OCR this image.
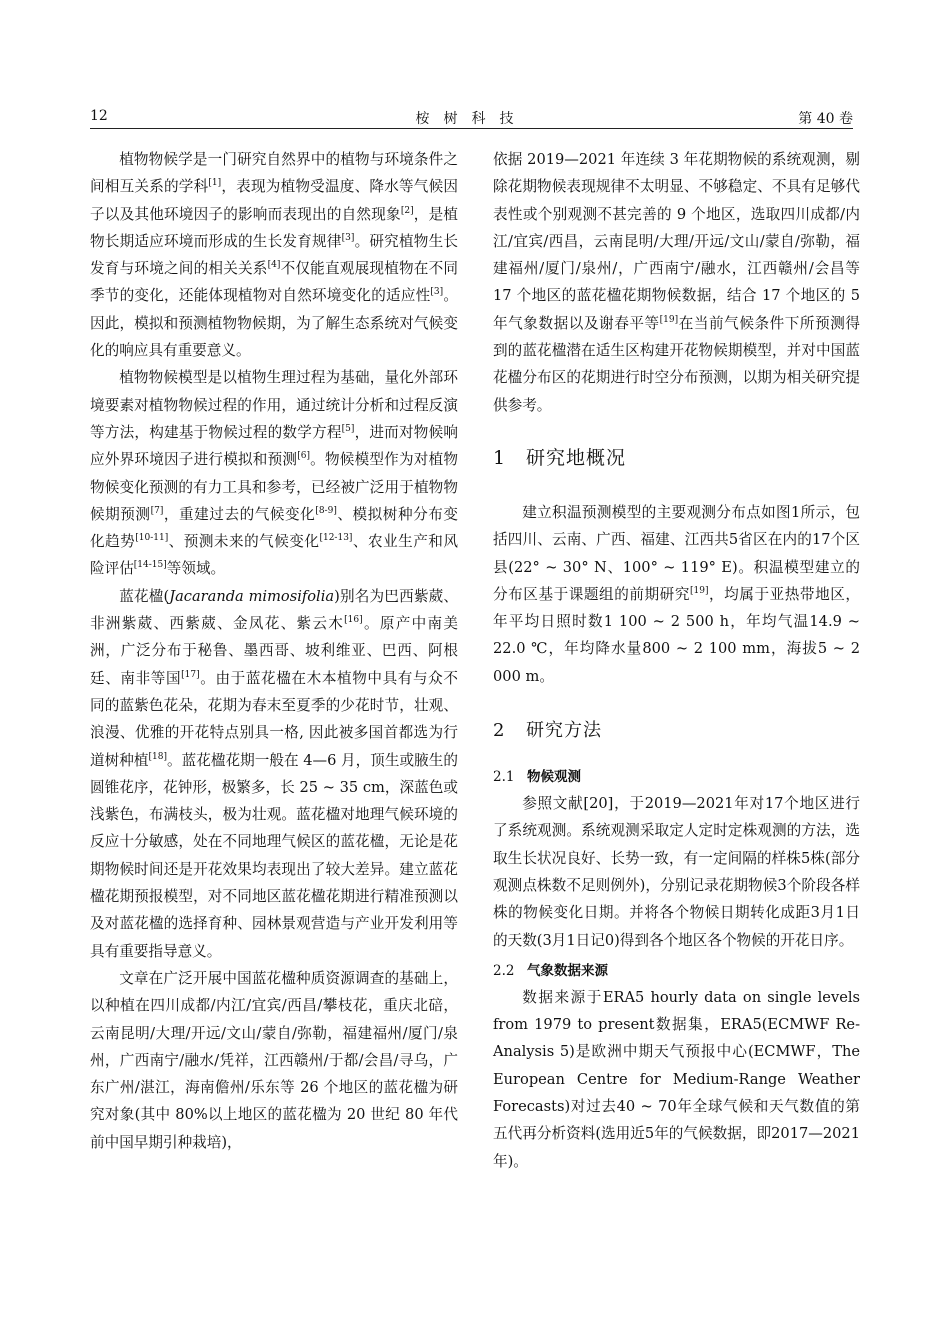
12	桉树科技	第 40 卷

植物物候学是一门研究自然界中的植物与环境条件之间相互关系的学科[1]，表现为植物受温度、降水等气候因子以及其他环境因子的影响而表现出的自然现象[2]，是植物长期适应环境而形成的生长发育规律[3]。研究植物生长发育与环境之间的相关关系[4]不仅能直观展现植物在不同季节的变化，还能体现植物对自然环境变化的适应性[3]。因此，模拟和预测植物物候期，为了解生态系统对气候变化的响应具有重要意义。

植物物候模型是以植物生理过程为基础，量化外部环境要素对植物物候过程的作用，通过统计分析和过程反演等方法，构建基于物候过程的数学方程[5]，进而对物候响应外界环境因子进行模拟和预测[6]。物候模型作为对植物物候变化预测的有力工具和参考，已经被广泛用于植物物候期预测[7]，重建过去的气候变化[8-9]、模拟树种分布变化趋势[10-11]、预测未来的气候变化[12-13]、农业生产和风险评估[14-15]等领域。

蓝花楹(Jacaranda mimosifolia)别名为巴西紫葳、非洲紫葳、西紫葳、金凤花、紫云木[16]。原产中南美洲，广泛分布于秘鲁、墨西哥、坡利维亚、巴西、阿根廷、南非等国[17]。由于蓝花楹在木本植物中具有与众不同的蓝紫色花朵，花期为春末至夏季的少花时节，壮观、浪漫、优雅的开花特点别具一格, 因此被多国首都选为行道树种植[18]。蓝花楹花期一般在 4—6 月，顶生或腋生的圆锥花序，花钟形，极繁多，长 25 ~ 35 cm，深蓝色或浅紫色，布满枝头，极为壮观。蓝花楹对地理气候环境的反应十分敏感，处在不同地理气候区的蓝花楹，无论是花期物候时间还是开花效果均表现出了较大差异。建立蓝花楹花期预报模型，对不同地区蓝花楹花期进行精准预测以及对蓝花楹的选择育种、园林景观营造与产业开发利用等具有重要指导意义。

文章在广泛开展中国蓝花楹种质资源调查的基础上，以种植在四川成都/内江/宜宾/西昌/攀枝花，重庆北碚，云南昆明/大理/开远/文山/蒙自/弥勒，福建福州/厦门/泉州，广西南宁/融水/凭祥，江西赣州/于都/会昌/寻乌，广东广州/湛江，海南儋州/乐东等 26 个地区的蓝花楹为研究对象(其中 80%以上地区的蓝花楹为 20 世纪 80 年代前中国早期引种栽培)，

依据 2019—2021 年连续 3 年花期物候的系统观测，剔除花期物候表现规律不太明显、不够稳定、不具有足够代表性或个别观测不甚完善的 9 个地区，选取四川成都/内江/宜宾/西昌，云南昆明/大理/开远/文山/蒙自/弥勒，福建福州/厦门/泉州/，广西南宁/融水，江西赣州/会昌等 17 个地区的蓝花楹花期物候数据，结合 17 个地区的 5 年气象数据以及谢春平等[19]在当前气候条件下所预测得到的蓝花楹潜在适生区构建开花物候期模型，并对中国蓝花楹分布区的花期进行时空分布预测，以期为相关研究提供参考。

1 研究地概况

建立积温预测模型的主要观测分布点如图1所示，包括四川、云南、广西、福建、江西共5省区在内的17个区县(22° ~ 30° N、100° ~ 119° E)。积温模型建立的分布区基于课题组的前期研究[19]，均属于亚热带地区，年平均日照时数1 100 ~ 2 500 h，年均气温14.9 ~ 22.0 ℃，年均降水量800 ~ 2 100 mm，海拔5 ~ 2 000 m。

2 研究方法
2.1 物候观测

参照文献[20]，于2019—2021年对17个地区进行了系统观测。系统观测采取定人定时定株观测的方法，选取生长状况良好、长势一致，有一定间隔的样株5株(部分观测点株数不足则例外)，分别记录花期物候3个阶段各样株的物候变化日期。并将各个物候日期转化成距3月1日的天数(3月1日记0)得到各个地区各个物候的开花日序。

2.2 气象数据来源

数据来源于ERA5 hourly data on single levels from 1979 to present数据集，ERA5(ECMWF Re-Analysis 5)是欧洲中期天气预报中心(ECMWF，The European Centre for Medium-Range Weather Forecasts)对过去40 ~ 70年全球气候和天气数值的第五代再分析资料(选用近5年的气候数据，即2017—2021年)。
